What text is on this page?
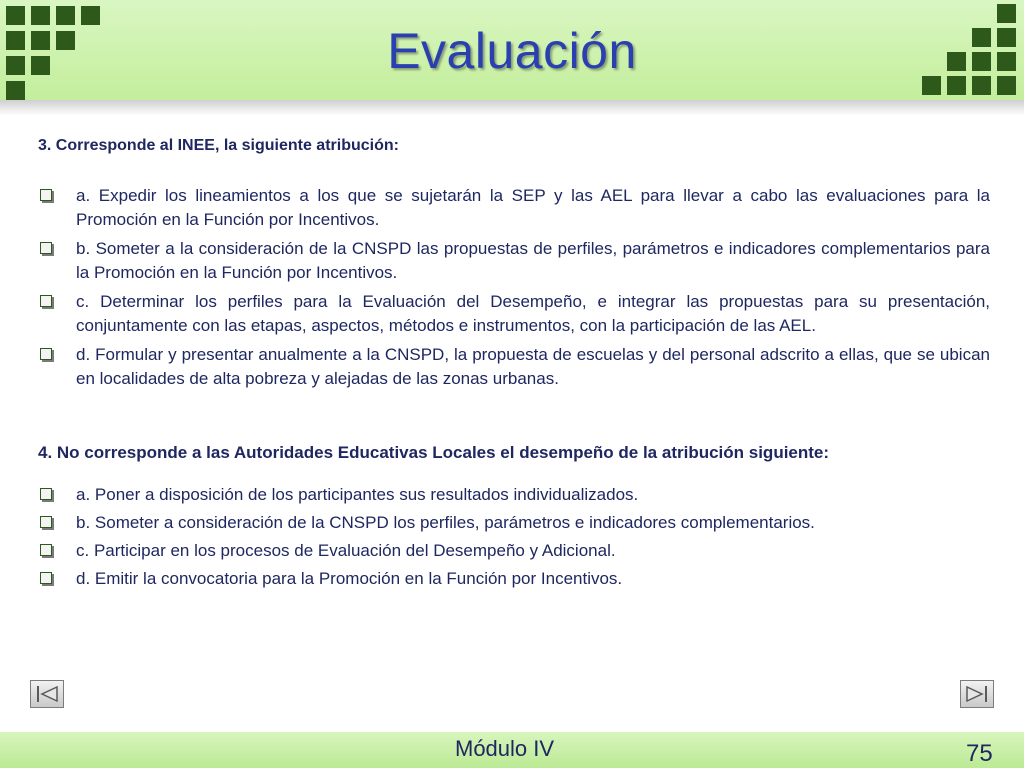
Evaluación
3. Corresponde al INEE, la siguiente atribución:
a. Expedir los lineamientos a los que se sujetarán la SEP y las AEL para llevar a cabo las evaluaciones para la Promoción en la Función por Incentivos.
b. Someter a la consideración de la CNSPD las propuestas de perfiles, parámetros e indicadores complementarios para la Promoción en la Función por Incentivos.
c. Determinar los perfiles para la Evaluación del Desempeño, e integrar las propuestas para su presentación, conjuntamente con las etapas, aspectos, métodos e instrumentos, con la participación de las AEL.
d. Formular y presentar anualmente a la CNSPD, la propuesta de escuelas y del personal adscrito a ellas, que se ubican en localidades de alta pobreza y alejadas de las zonas urbanas.
4. No corresponde a las Autoridades Educativas Locales el desempeño de la atribución siguiente:
a. Poner a disposición de los participantes sus resultados individualizados.
b. Someter a consideración de la CNSPD los perfiles, parámetros e indicadores complementarios.
c. Participar en los procesos de Evaluación del Desempeño y Adicional.
d. Emitir la convocatoria para la Promoción en la Función por Incentivos.
Módulo IV	75
